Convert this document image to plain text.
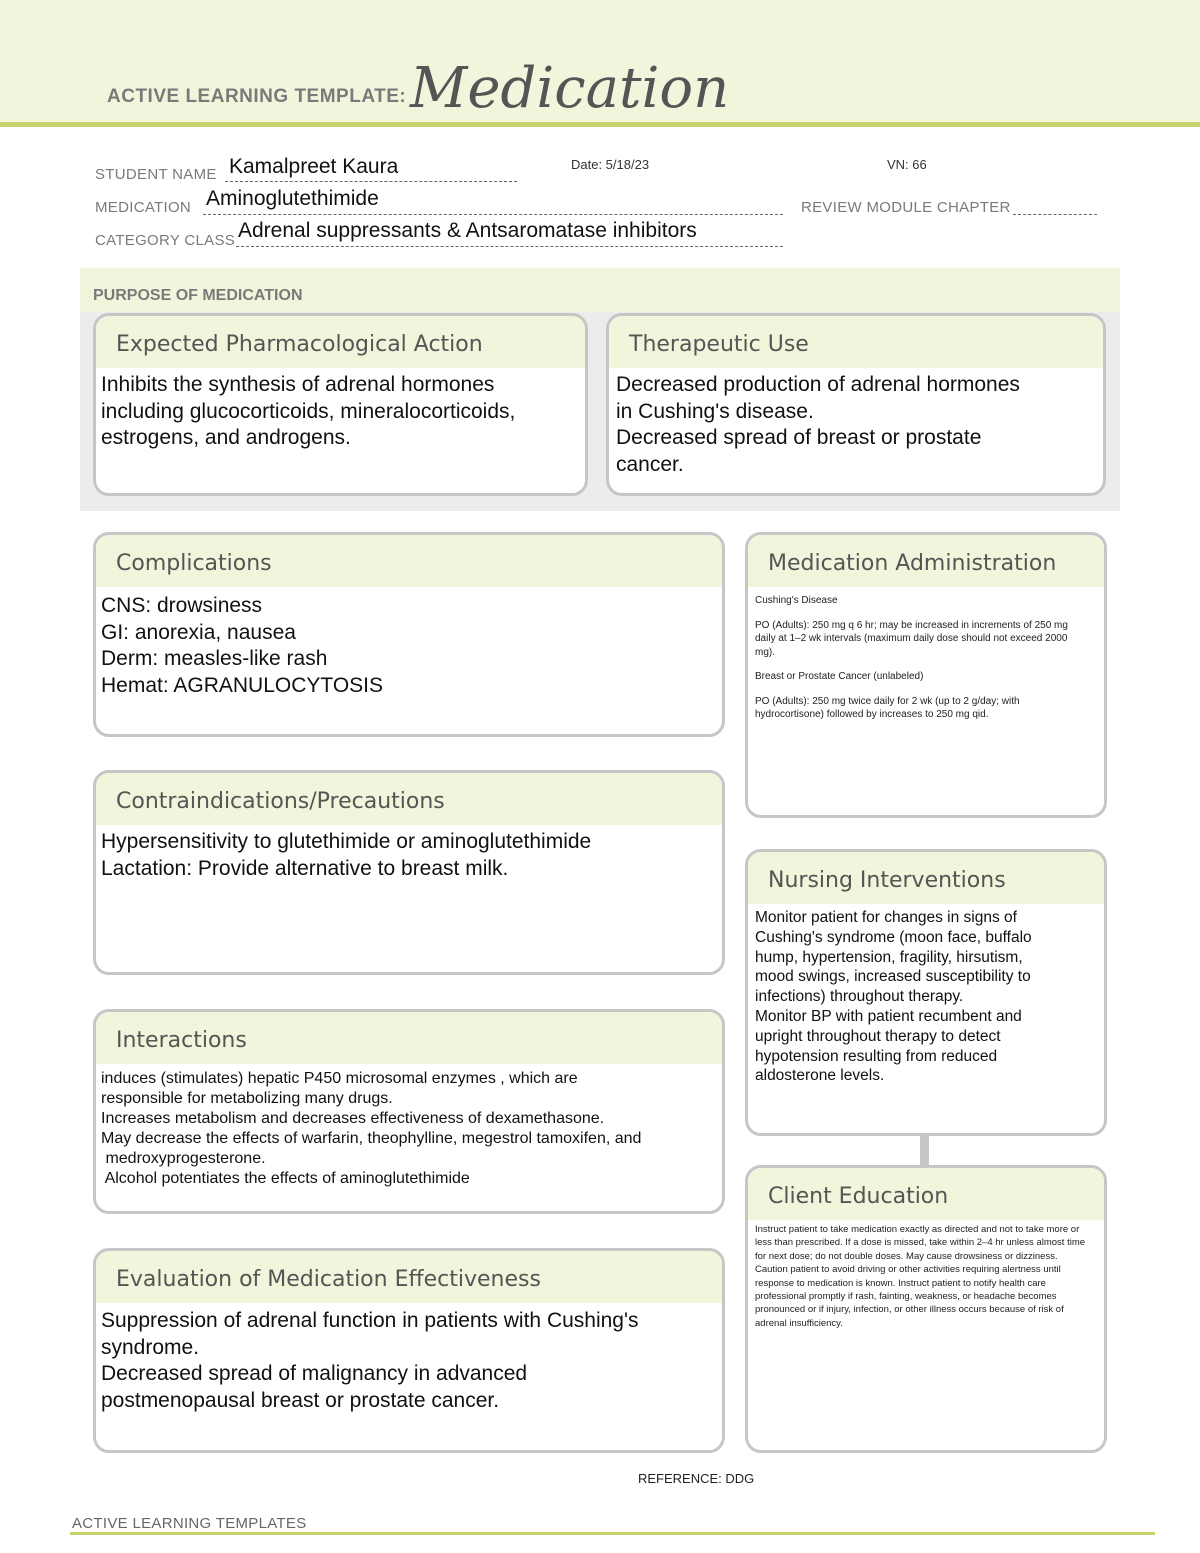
ACTIVE LEARNING TEMPLATE: Medication
STUDENT NAME Kamalpreet Kaura	Date: 5/18/23	VN: 66
MEDICATION Aminoglutethimide	REVIEW MODULE CHAPTER
CATEGORY CLASS Adrenal suppressants & Antsaromatase inhibitors
PURPOSE OF MEDICATION
Expected Pharmacological Action
Inhibits the synthesis of adrenal hormones
including glucocorticoids, mineralocorticoids,
estrogens, and androgens.
Therapeutic Use
Decreased production of adrenal hormones
in Cushing's disease.
Decreased spread of breast or prostate
cancer.
Complications
CNS: drowsiness
GI: anorexia, nausea
Derm: measles-like rash
Hemat: AGRANULOCYTOSIS
Contraindications/Precautions
Hypersensitivity to glutethimide or aminoglutethimide
Lactation: Provide alternative to breast milk.
Interactions
induces (stimulates) hepatic P450 microsomal enzymes , which are
responsible for metabolizing many drugs.
Increases metabolism and decreases effectiveness of dexamethasone.
May decrease the effects of warfarin, theophylline, megestrol tamoxifen, and
medroxyprogesterone.
Alcohol potentiates the effects of aminoglutethimide
Evaluation of Medication Effectiveness
Suppression of adrenal function in patients with Cushing's
syndrome.
Decreased spread of malignancy in advanced
postmenopausal breast or prostate cancer.
Medication Administration
Cushing's Disease
PO (Adults): 250 mg q 6 hr; may be increased in increments of 250 mg daily at 1–2 wk intervals (maximum daily dose should not exceed 2000 mg).
Breast or Prostate Cancer (unlabeled)
PO (Adults): 250 mg twice daily for 2 wk (up to 2 g/day; with hydrocortisone) followed by increases to 250 mg qid.
Nursing Interventions
Monitor patient for changes in signs of
Cushing's syndrome (moon face, buffalo
hump, hypertension, fragility, hirsutism,
mood swings, increased susceptibility to
infections) throughout therapy.
Monitor BP with patient recumbent and
upright throughout therapy to detect
hypotension resulting from reduced
aldosterone levels.
Client Education
Instruct patient to take medication exactly as directed and not to take more or less than prescribed. If a dose is missed, take within 2–4 hr unless almost time for next dose; do not double doses. May cause drowsiness or dizziness. Caution patient to avoid driving or other activities requiring alertness until response to medication is known. Instruct patient to notify health care professional promptly if rash, fainting, weakness, or headache becomes pronounced or if injury, infection, or other illness occurs because of risk of adrenal insufficiency.
REFERENCE: DDG
ACTIVE LEARNING TEMPLATES
